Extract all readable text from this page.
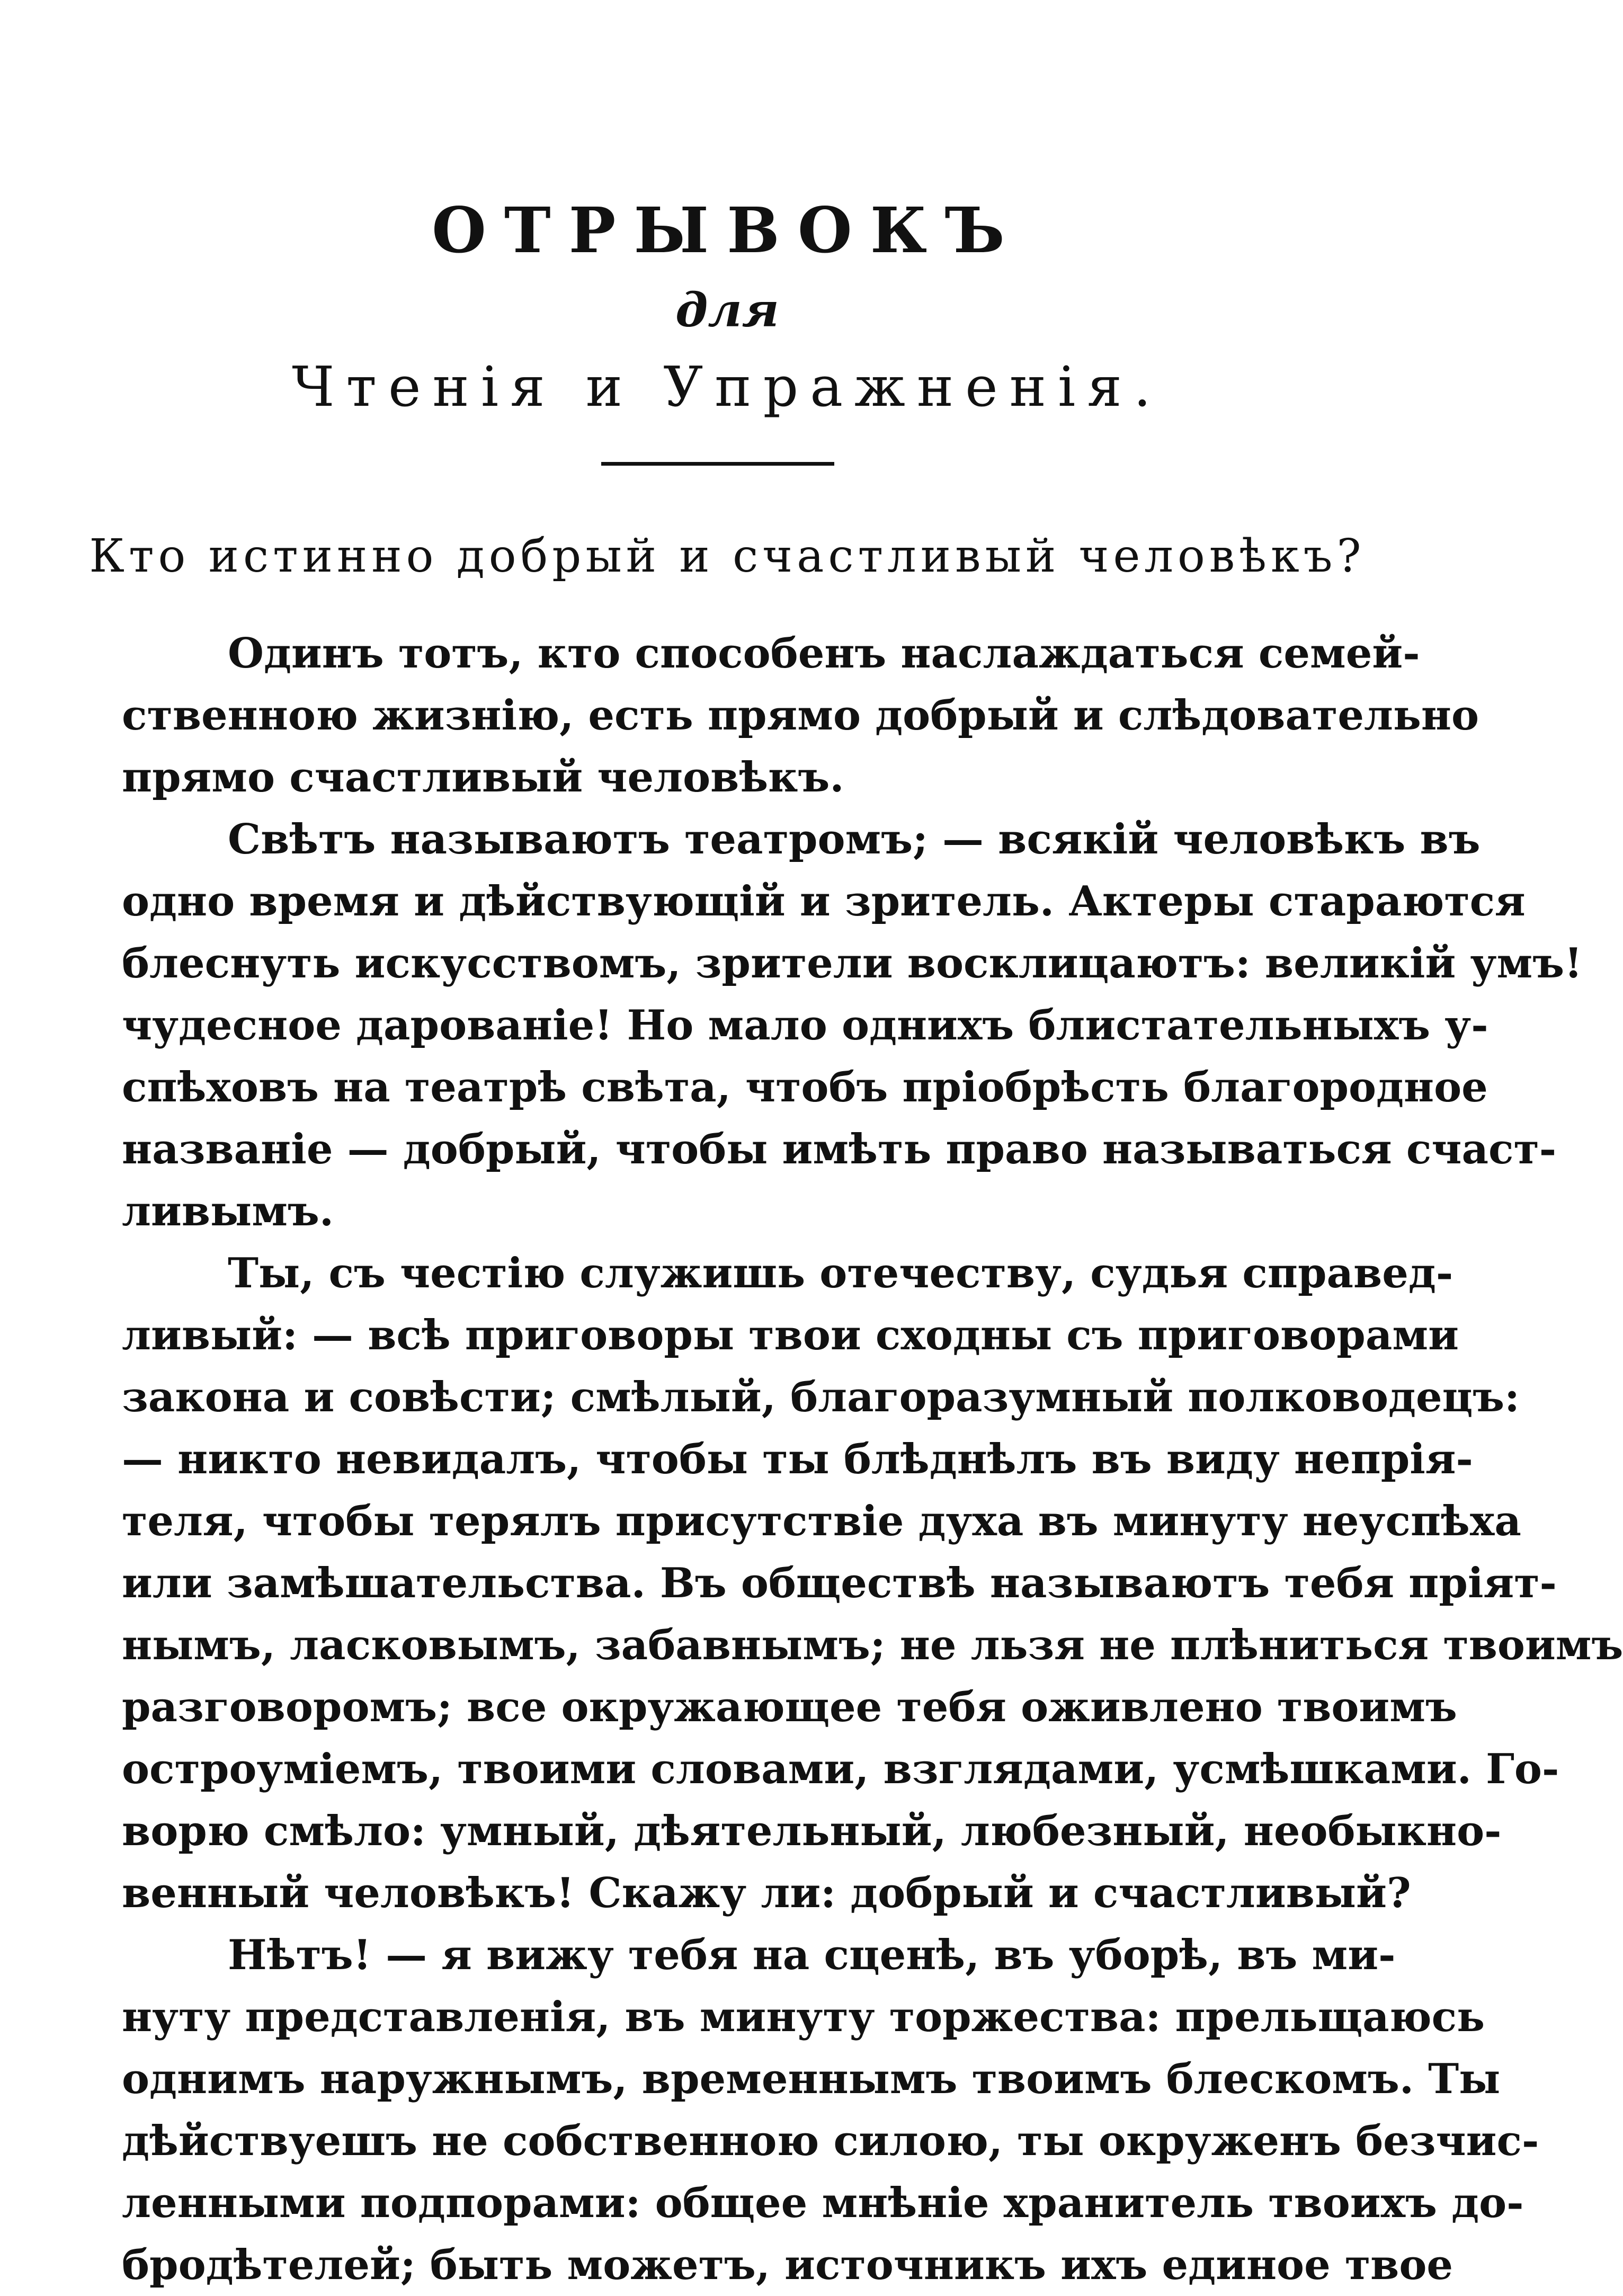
ОТРЫВОКЪ
для
Чтенія и Упражненія.
Кто истинно добрый и счастливый человѣкъ?
Одинъ тотъ, кто способенъ наслаждаться семей-
ственною жизнію, есть прямо добрый и слѣдовательно
прямо счастливый человѣкъ.
Свѣтъ называютъ театромъ; — всякій человѣкъ въ
одно время и дѣйствующій и зритель. Актеры стараются
блеснуть искусствомъ, зрители восклицаютъ: великій умъ!
чудесное дарованіе! Но мало однихъ блистательныхъ у-
спѣховъ на театрѣ свѣта, чтобъ пріобрѣсть благородное
названіе — добрый, чтобы имѣть право называться счаст-
ливымъ.
Ты, съ честію служишь отечеству, судья справед-
ливый: — всѣ приговоры твои сходны съ приговорами
закона и совѣсти; смѣлый, благоразумный полководецъ:
— никто невидалъ, чтобы ты блѣднѣлъ въ виду непрія-
теля, чтобы терялъ присутствіе духа въ минуту неуспѣха
или замѣшательства. Въ обществѣ называютъ тебя пріят-
нымъ, ласковымъ, забавнымъ; не льзя не плѣниться твоимъ
разговоромъ; все окружающее тебя оживлено твоимъ
остроуміемъ, твоими словами, взглядами, усмѣшками. Го-
ворю смѣло: умный, дѣятельный, любезный, необыкно-
венный человѣкъ! Скажу ли: добрый и счастливый?
Нѣтъ! — я вижу тебя на сценѣ, въ уборѣ, въ ми-
нуту представленія, въ минуту торжества: прельщаюсь
однимъ наружнымъ, временнымъ твоимъ блескомъ. Ты
дѣйствуешъ не собственною силою, ты окруженъ безчис-
ленными подпорами: общее мнѣніе хранитель твоихъ до-
бродѣтелей; быть можетъ, источникъ ихъ единое твое
